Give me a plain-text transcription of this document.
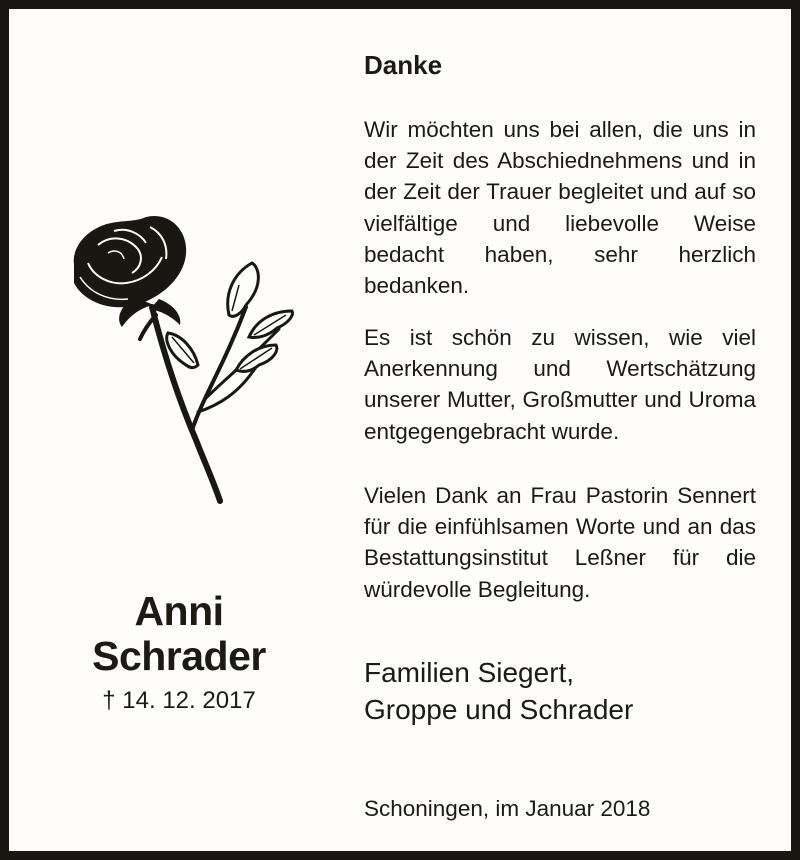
Anni
Schrader
† 14. 12. 2017
Danke

Wir möchten uns bei allen, die uns in der Zeit des Abschiednehmens und in der Zeit der Trauer begleitet und auf so vielfältige und liebevolle Weise bedacht haben, sehr herzlich bedanken.

Es ist schön zu wissen, wie viel Anerkennung und Wertschätzung unserer Mutter, Großmutter und Uroma entgegengebracht wurde.

Vielen Dank an Frau Pastorin Sennert für die einfühlsamen Worte und an das Bestattungsinstitut Leßner für die würdevolle Begleitung.

Familien Siegert,
Groppe und Schrader
Schoningen, im Januar 2018
